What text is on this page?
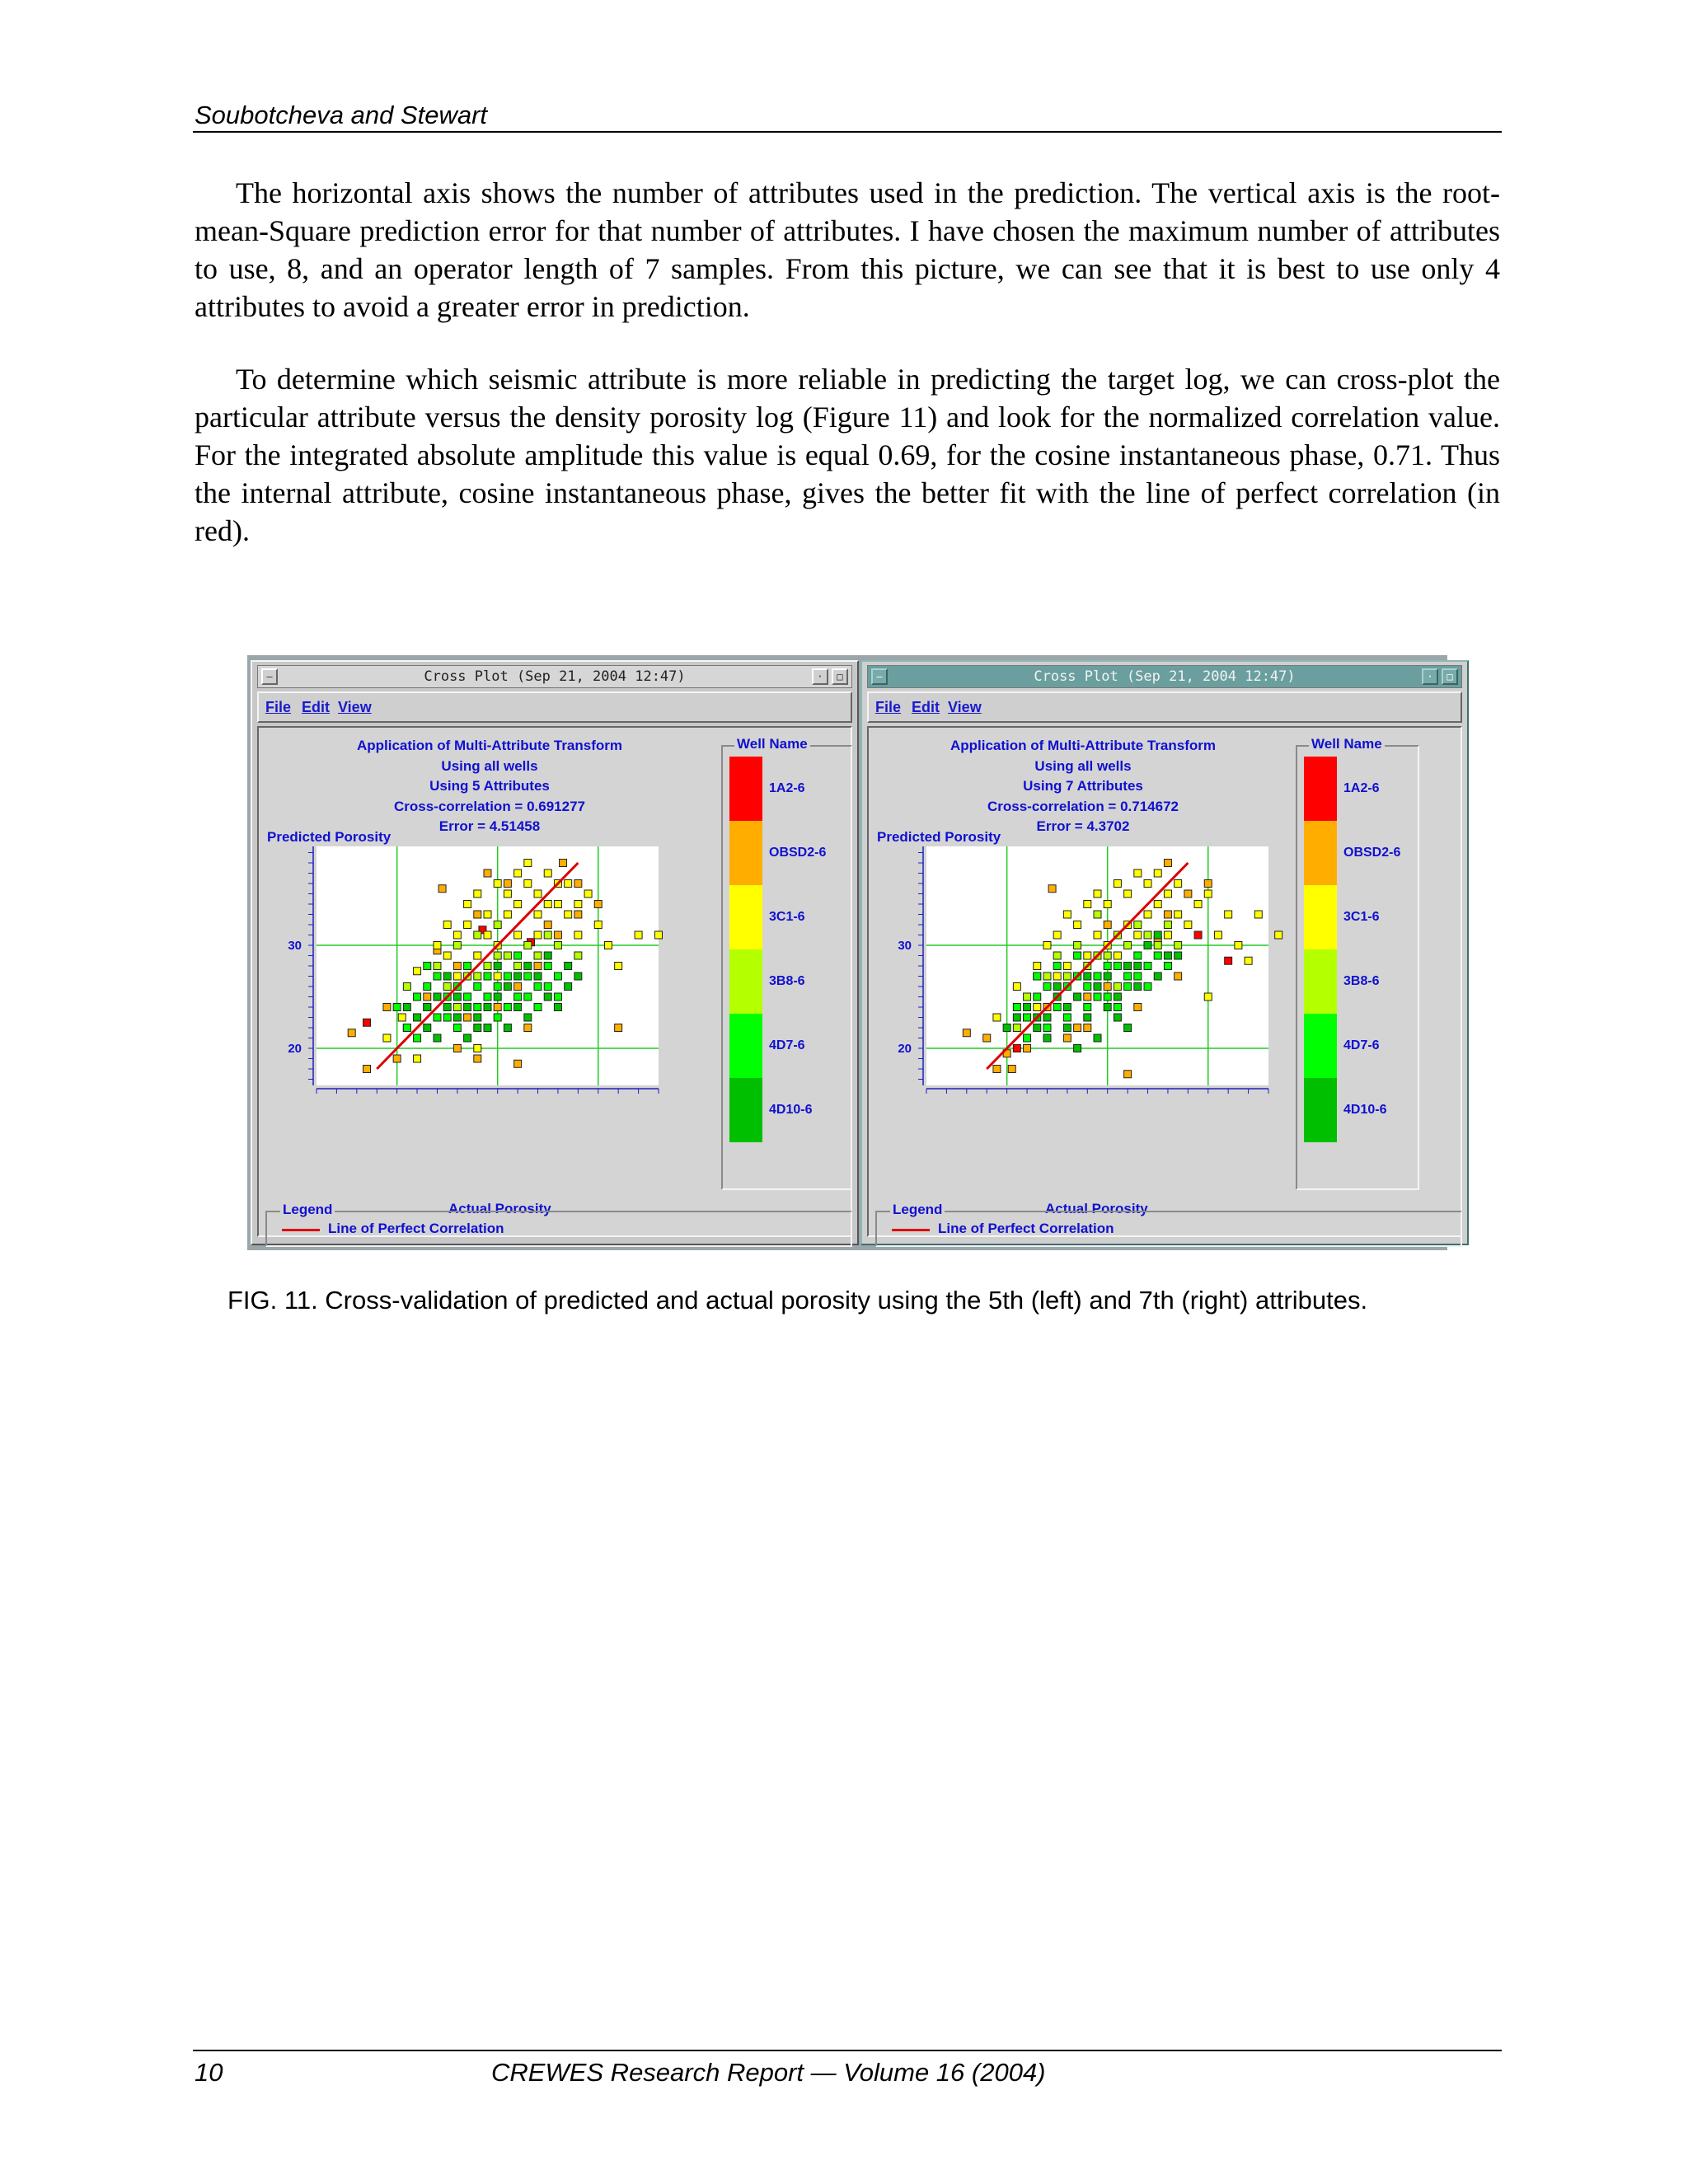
Soubotcheva and Stewart

The horizontal axis shows the number of attributes used in the prediction. The vertical axis is the root-mean-Square prediction error for that number of attributes. I have chosen the maximum number of attributes to use, 8, and an operator length of 7 samples. From this picture, we can see that it is best to use only 4 attributes to avoid a greater error in prediction.

To determine which seismic attribute is more reliable in predicting the target log, we can cross-plot the particular attribute versus the density porosity log (Figure 11) and look for the normalized correlation value. For the integrated absolute amplitude this value is equal 0.69, for the cosine instantaneous phase, 0.71. Thus the internal attribute, cosine instantaneous phase, gives the better fit with the line of perfect correlation (in red).

—	Cross Plot (Sep 21, 2004 12:47)	·	□
File Edit View
Application of Multi-Attribute Transform
Using all wells
Using 5 Attributes
Cross-correlation = 0.691277
Error = 4.51458
Predicted Porosity
20
30
Actual Porosity
Well Name
1A2-6
OBSD2-6
3C1-6
3B8-6
4D7-6
4D10-6
Legend
Line of Perfect Correlation
—	Cross Plot (Sep 21, 2004 12:47)	·	□
File Edit View
Application of Multi-Attribute Transform
Using all wells
Using 7 Attributes
Cross-correlation = 0.714672
Error = 4.3702
Predicted Porosity
20
30
Actual Porosity
Well Name
1A2-6
OBSD2-6
3C1-6
3B8-6
4D7-6
4D10-6
Legend
Line of Perfect Correlation
FIG. 11. Cross-validation of predicted and actual porosity using the 5th (left) and 7th (right) attributes.
10	CREWES Research Report — Volume 16 (2004)
